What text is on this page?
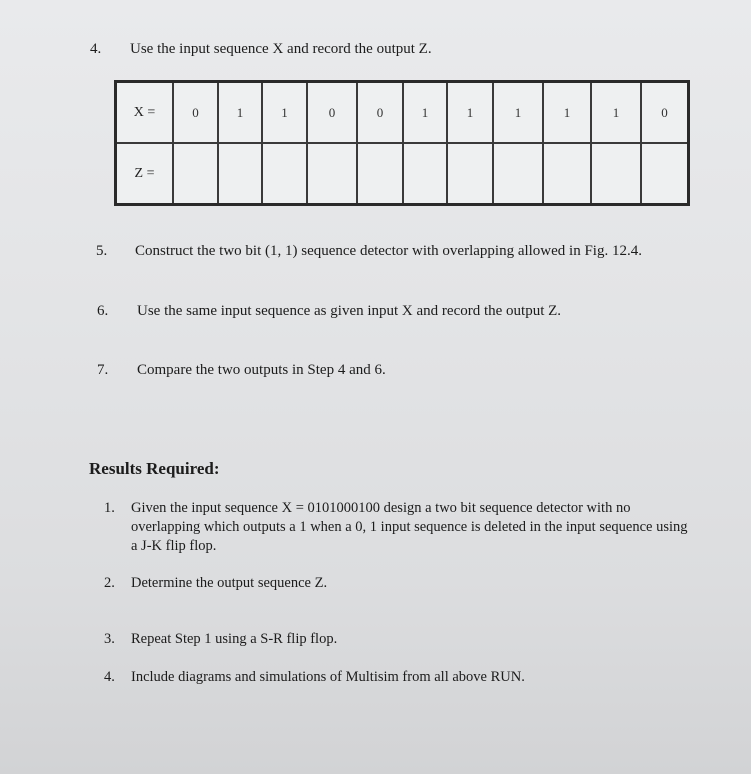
4. Use the input sequence X and record the output Z.
X =	0	1	1	0	0	1	1	1	1	1	0
Z =											
5. Construct the two bit (1, 1) sequence detector with overlapping allowed in Fig. 12.4.
6. Use the same input sequence as given input X and record the output Z.
7. Compare the two outputs in Step 4 and 6.
Results Required:
1. Given the input sequence X = 0101000100 design a two bit sequence detector with no overlapping which outputs a 1 when a 0, 1 input sequence is deleted in the input sequence using a J-K flip flop.
2. Determine the output sequence Z.
3. Repeat Step 1 using a S-R flip flop.
4. Include diagrams and simulations of Multisim from all above RUN.
